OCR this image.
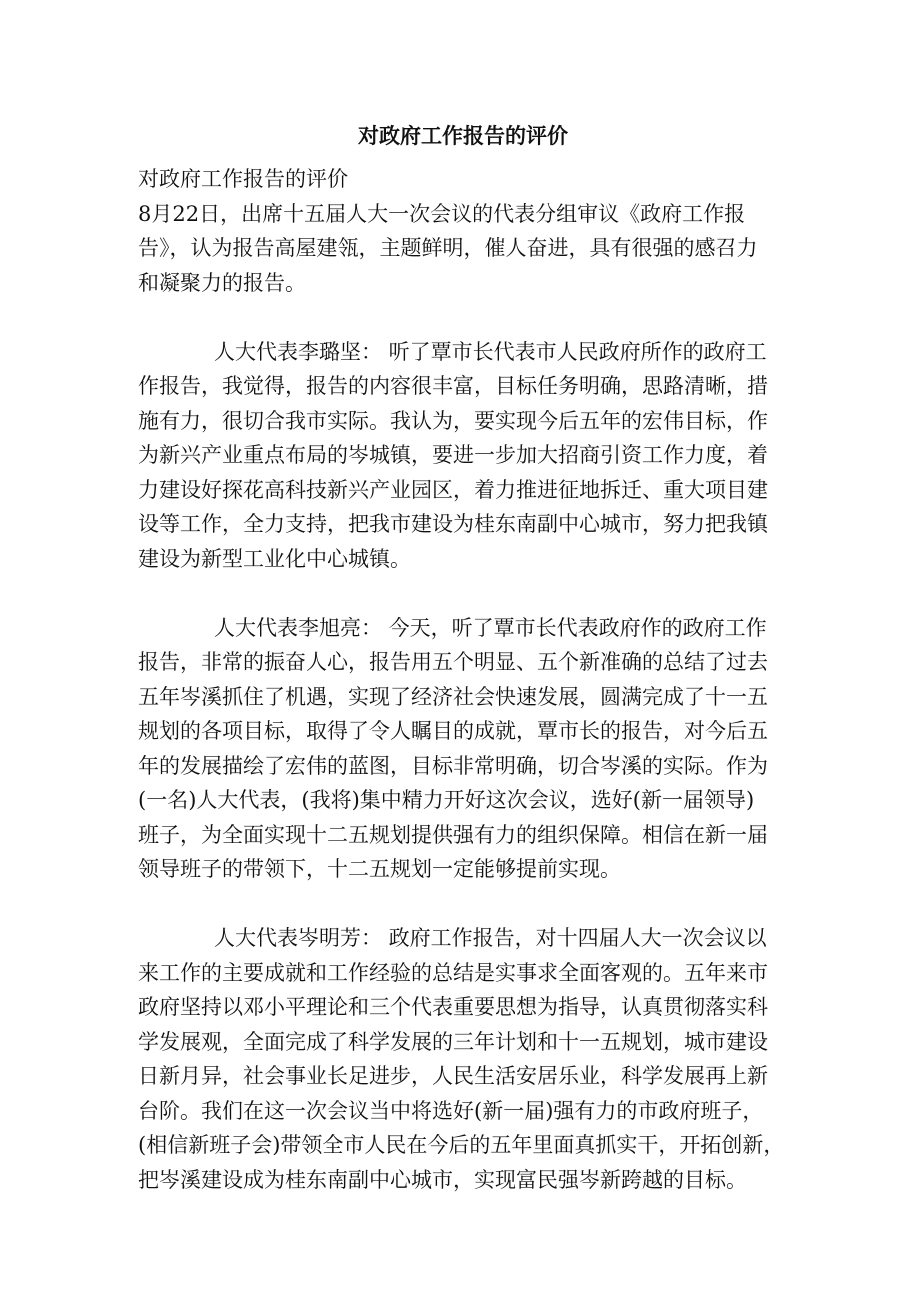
对政府工作报告的评价

对政府工作报告的评价

8月22日，出席十五届人大一次会议的代表分组审议《政府工作报

告》，认为报告高屋建瓴，主题鲜明，催人奋进，具有很强的感召力

和凝聚力的报告。

人大代表李璐坚： 听了覃市长代表市人民政府所作的政府工

作报告，我觉得，报告的内容很丰富，目标任务明确，思路清晰，措

施有力，很切合我市实际。我认为，要实现今后五年的宏伟目标，作

为新兴产业重点布局的岑城镇，要进一步加大招商引资工作力度，着

力建设好探花高科技新兴产业园区，着力推进征地拆迁、重大项目建

设等工作，全力支持，把我市建设为桂东南副中心城市，努力把我镇

建设为新型工业化中心城镇。

人大代表李旭亮： 今天，听了覃市长代表政府作的政府工作

报告，非常的振奋人心，报告用五个明显、五个新准确的总结了过去

五年岑溪抓住了机遇，实现了经济社会快速发展，圆满完成了十一五

规划的各项目标，取得了令人瞩目的成就，覃市长的报告，对今后五

年的发展描绘了宏伟的蓝图，目标非常明确，切合岑溪的实际。作为

(一名)人大代表，(我将)集中精力开好这次会议，选好(新一届领导)

班子，为全面实现十二五规划提供强有力的组织保障。相信在新一届

领导班子的带领下，十二五规划一定能够提前实现。

人大代表岑明芳： 政府工作报告，对十四届人大一次会议以

来工作的主要成就和工作经验的总结是实事求全面客观的。五年来市

政府坚持以邓小平理论和三个代表重要思想为指导，认真贯彻落实科

学发展观，全面完成了科学发展的三年计划和十一五规划，城市建设

日新月异，社会事业长足进步，人民生活安居乐业，科学发展再上新

台阶。我们在这一次会议当中将选好(新一届)强有力的市政府班子，

(相信新班子会)带领全市人民在今后的五年里面真抓实干，开拓创新，

把岑溪建设成为桂东南副中心城市，实现富民强岑新跨越的目标。
